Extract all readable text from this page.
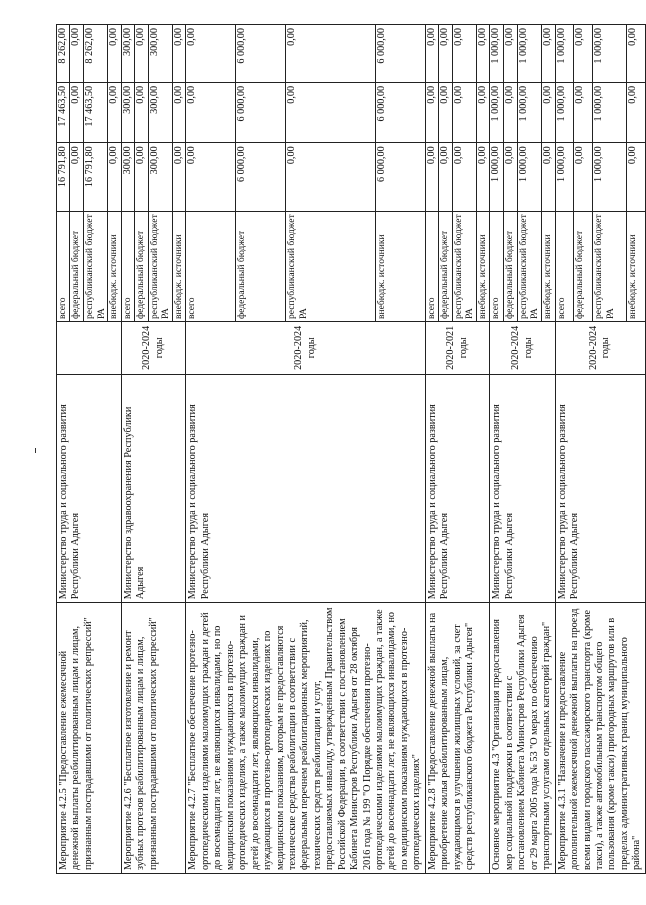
Мероприятие 4.2.5 "Предоставление ежемесячной денежной выплаты реабилитированным лицам и лицам, признанным пострадавшими от политических репрессий"	Министерство труда и социального развития Республики Адыгея		всего	16 791,80	17 463,50	8 262,00
			федеральный бюджет	0,00	0,00	0,00
			республиканский бюджет РА	16 791,80	17 463,50	8 262,00
			внебюдж. источники	0,00	0,00	0,00
Мероприятие 4.2.6 "Бесплатное изготовление и ремонт зубных протезов реабилитированным лицам и лицам, признанным пострадавшими от политических репрессий"	Министерство здравоохранения Республики Адыгея	2020-2024 годы	всего	300,00	300,00	300,00
			федеральный бюджет	0,00	0,00	0,00
			республиканский бюджет РА	300,00	300,00	300,00
			внебюдж. источники	0,00	0,00	0,00
Мероприятие 4.2.7 "Бесплатное обеспечение протезно-ортопедическими изделиями малоимущих граждан и детей до восемнадцати лет, не являющихся инвалидами, но по медицинским показаниям нуждающихся в протезно-ортопедических изделиях, а также малоимущих граждан и детей до восемнадцати лет, являющихся инвалидами, нуждающихся в протезно-ортопедических изделиях по медицинским показаниям, которым не предоставляются технические средства реабилитации в соответствии с федеральным перечнем реабилитационных мероприятий, технических средств реабилитации и услуг, предоставляемых инвалиду, утвержденным Правительством Российской Федерации, в соответствии с постановлением Кабинета Министров Республики Адыгея от 28 октября 2016 года № 199 "О Порядке обеспечения протезно-ортопедическими изделиями малоимущих граждан, а также детей до восемнадцати лет, не являющихся инвалидами, но по медицинским показаниям нуждающихся в протезно-ортопедических изделиях"	Министерство труда и социального развития Республики Адыгея	2020-2024 годы	всего	0,00	0,00	0,00
			федеральный бюджет	6 000,00	6 000,00	6 000,00
			республиканский бюджет РА	0,00	0,00	0,00
			внебюдж. источники	6 000,00	6 000,00	6 000,00
Мероприятие 4.2.8 "Предоставление денежной выплаты на приобретение жилья реабилитированным лицам, нуждающимся в улучшении жилищных условий, за счет средств республиканского бюджета Республики Адыгея"	Министерство труда и социального развития Республики Адыгея	2020-2021 годы	всего	0,00	0,00	0,00
			федеральный бюджет	0,00	0,00	0,00
			республиканский бюджет РА	0,00	0,00	0,00
			внебюдж. источники	0,00	0,00	0,00
Основное мероприятие 4.3 "Организация предоставления мер социальной поддержки в соответствии с постановлением Кабинета Министров Республики Адыгея от 29 марта 2005 года № 53 "О мерах по обеспечению транспортными услугами отдельных категорий граждан"	Министерство труда и социального развития Республики Адыгея	2020-2024 годы	всего	1 000,00	1 000,00	1 000,00
			федеральный бюджет	0,00	0,00	0,00
			республиканский бюджет РА	1 000,00	1 000,00	1 000,00
			внебюдж. источники	0,00	0,00	0,00
Мероприятие 4.3.1 "Назначение и предоставление дополнительной ежемесячной денежной выплаты на проезд всеми видами городского пассажирского транспорта (кроме такси), а также автомобильным транспортом общего пользования (кроме такси) пригородных маршрутов или в пределах административных границ муниципального района"	Министерство труда и социального развития Республики Адыгея	2020-2024 годы	всего	1 000,00	1 000,00	1 000,00
			федеральный бюджет	0,00	0,00	0,00
			республиканский бюджет РА	1 000,00	1 000,00	1 000,00
			внебюдж. источники	0,00	0,00	0,00
